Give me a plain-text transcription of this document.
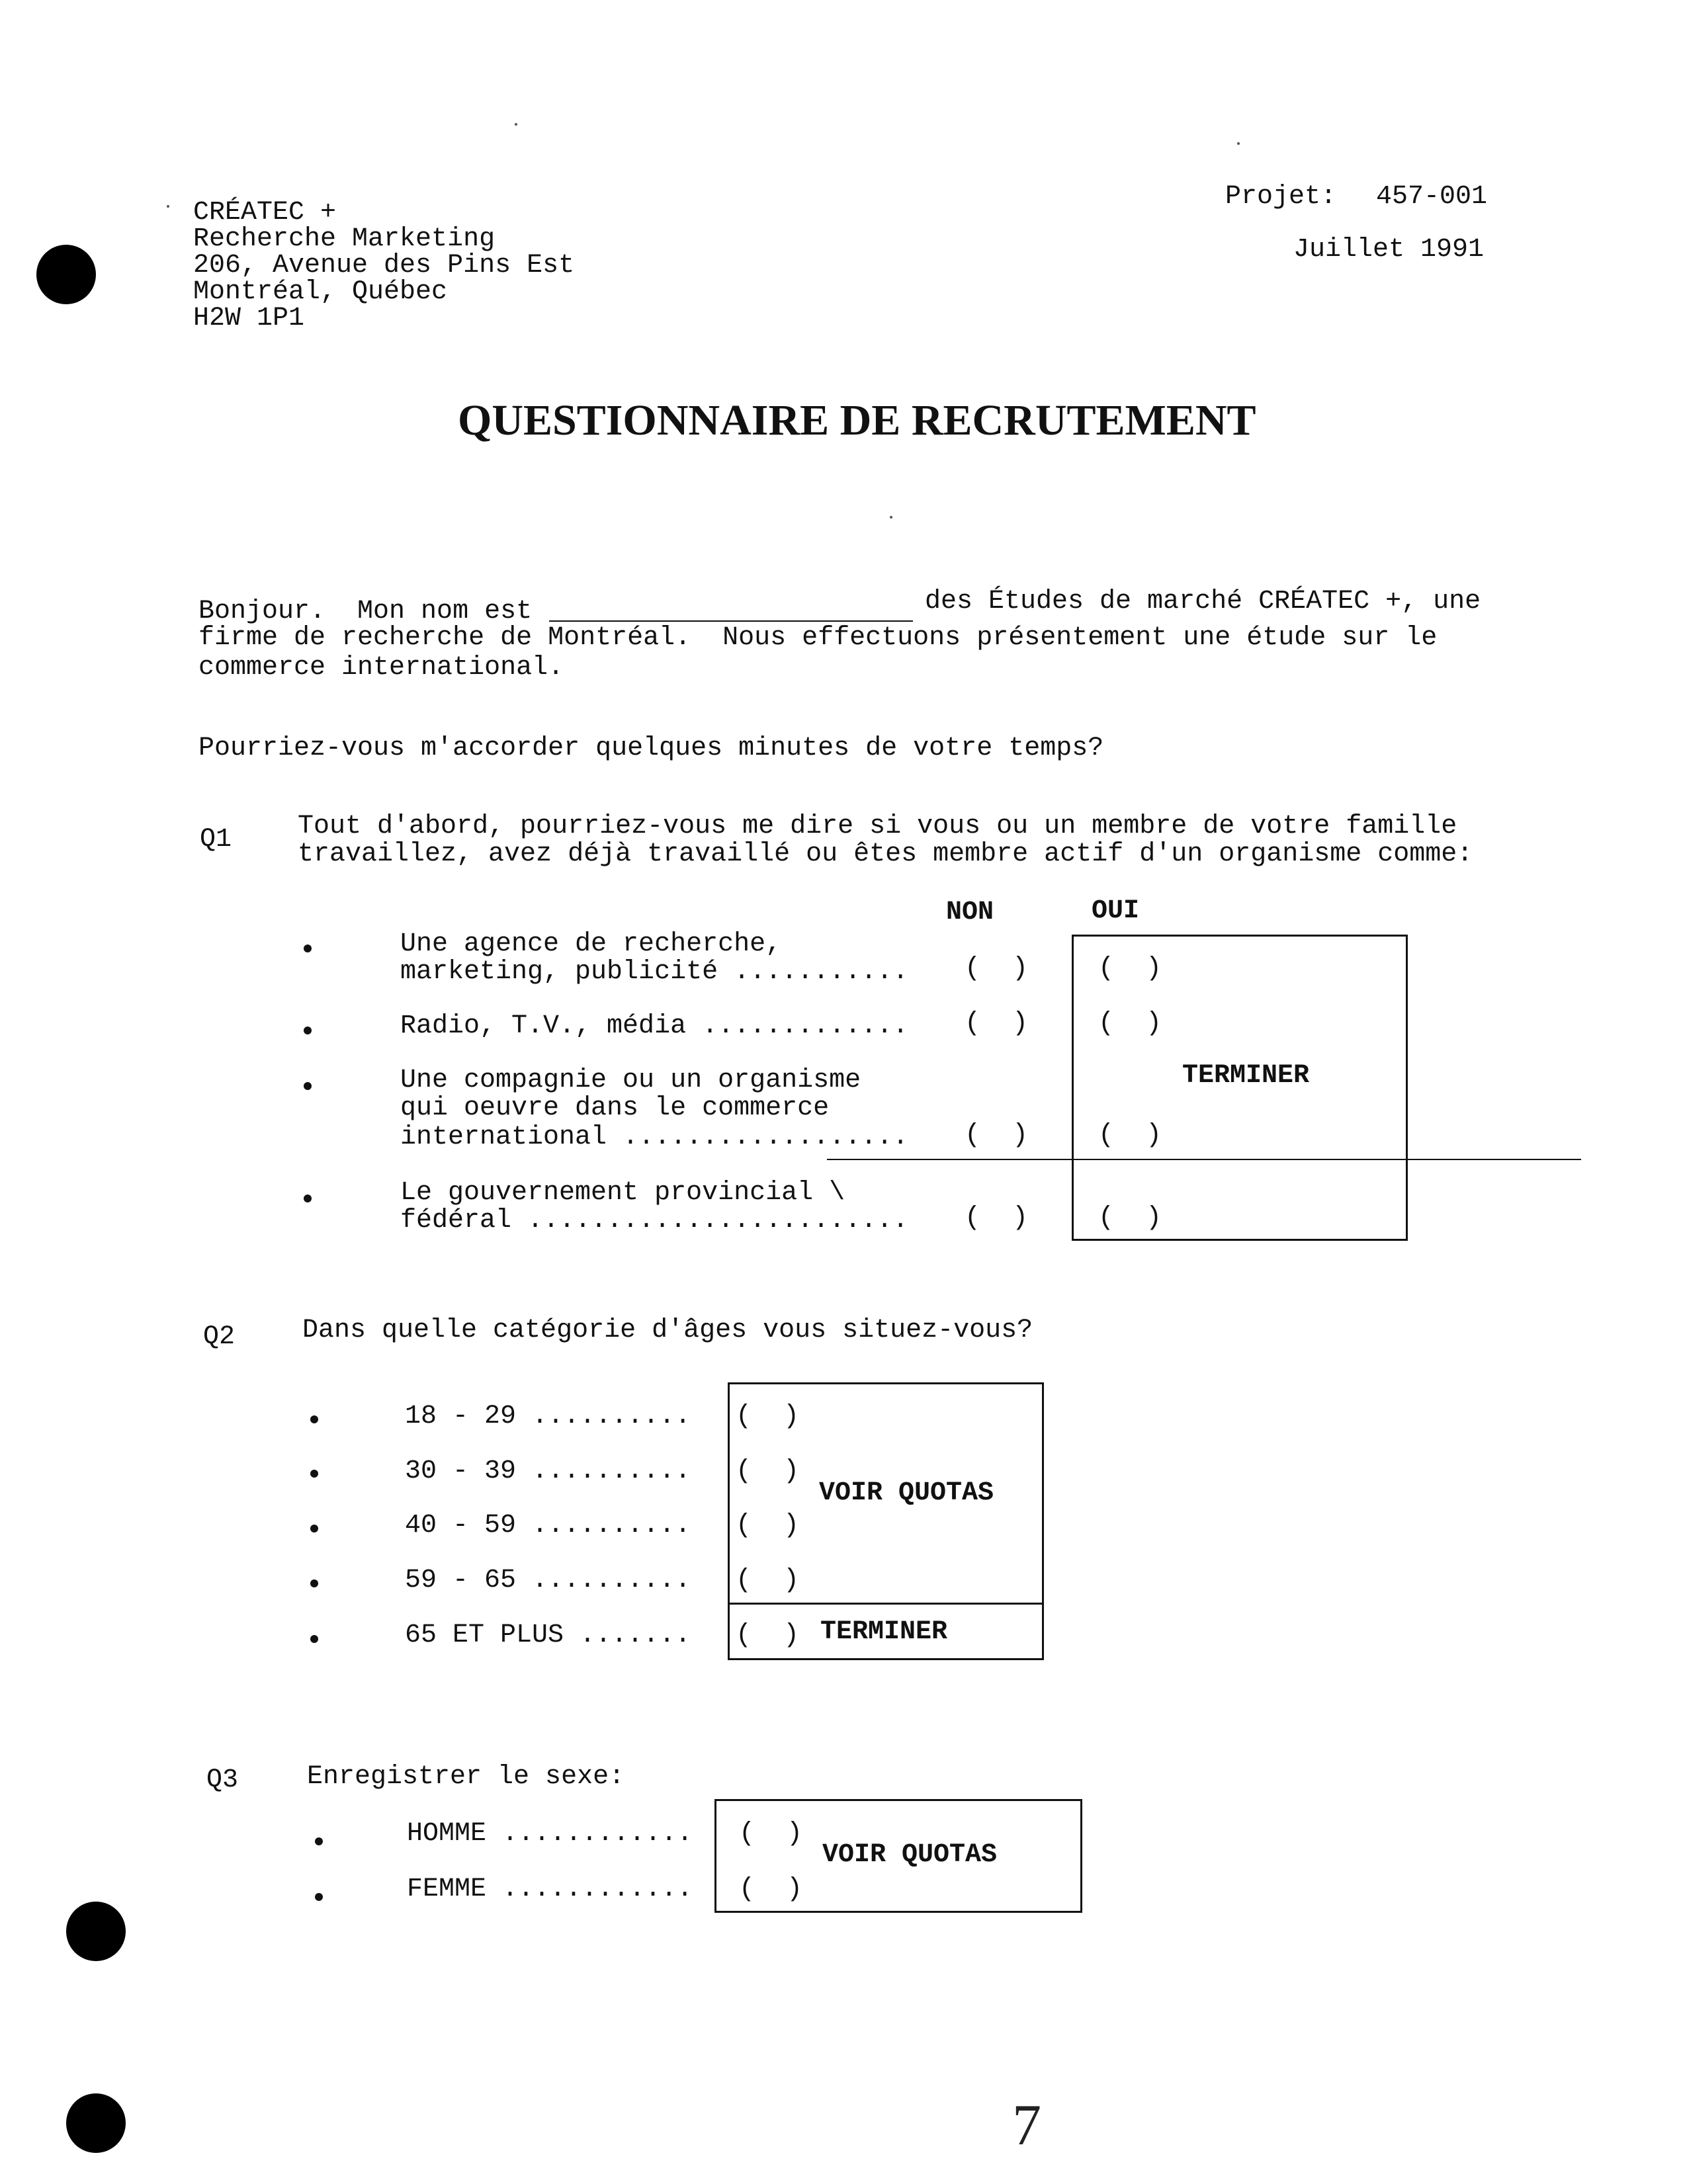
CRÉATEC +
Recherche Marketing
206, Avenue des Pins Est
Montréal, Québec
H2W 1P1
Projet: 457-001
Juillet 1991
QUESTIONNAIRE DE RECRUTEMENT
Bonjour.  Mon nom est	des Études de marché CRÉATEC +, une
firme de recherche de Montréal.  Nous effectuons présentement une étude sur le
commerce international.
Pourriez-vous m'accorder quelques minutes de votre temps?
Q1 Tout d'abord, pourriez-vous me dire si vous ou un membre de votre famille
travaillez, avez déjà travaillé ou êtes membre actif d'un organisme comme:
NON	OUI
TERMINER
Une agence de recherche,
marketing, publicité ........... (  )	(  )
Radio, T.V., média ............. (  )	(  )
Une compagnie ou un organisme
qui oeuvre dans le commerce
international .................. (  )	(  )
Le gouvernement provincial \
fédéral ........................ (  )	(  )
Q2	Dans quelle catégorie d'âges vous situez-vous?
VOIR QUOTAS
TERMINER
18 - 29 .......... (  )
30 - 39 .......... (  )
40 - 59 .......... (  )
59 - 65 .......... (  )
65 ET PLUS ....... (  )
Q3	Enregistrer le sexe:
VOIR QUOTAS
HOMME ............ (  )
FEMME ............ (  )
7
